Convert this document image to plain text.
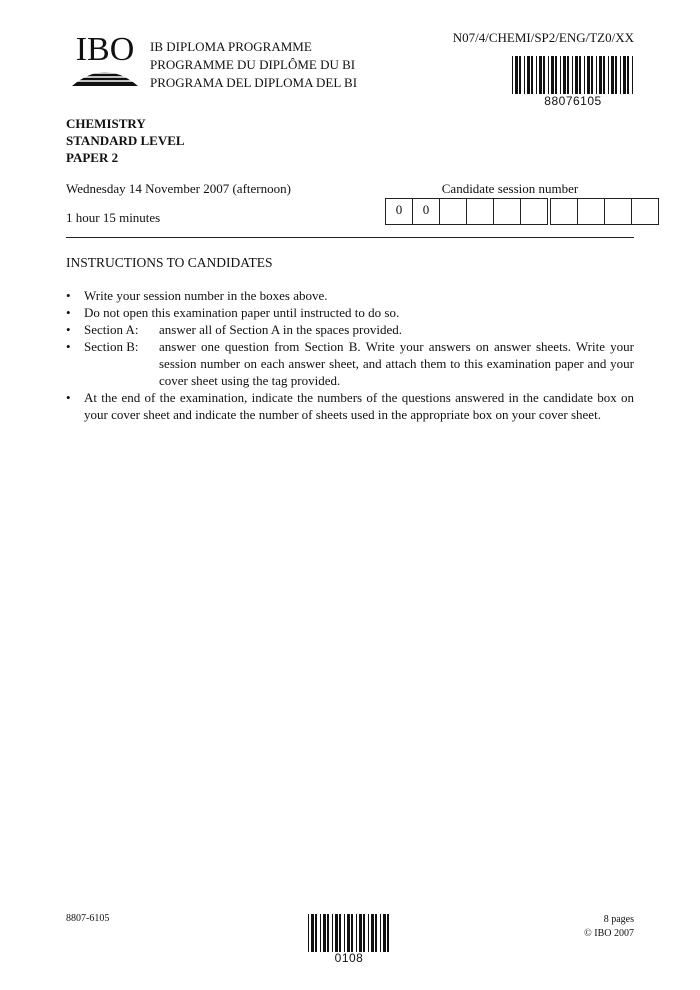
IBO IB DIPLOMA PROGRAMME
PROGRAMME DU DIPLÔME DU BI
PROGRAMA DEL DIPLOMA DEL BI
N07/4/CHEMI/SP2/ENG/TZ0/XX
88076105
CHEMISTRY
STANDARD LEVEL
PAPER 2
Wednesday 14 November 2007 (afternoon)
1 hour 15 minutes
Candidate session number
0	0
INSTRUCTIONS TO CANDIDATES
•	Write your session number in the boxes above.
•	Do not open this examination paper until instructed to do so.
•	Section A:	answer all of Section A in the spaces provided.
•	Section B:	answer one question from Section B. Write your answers on answer sheets. Write your session number on each answer sheet, and attach them to this examination paper and your cover sheet using the tag provided.
•	At the end of the examination, indicate the numbers of the questions answered in the candidate box on your cover sheet and indicate the number of sheets used in the appropriate box on your cover sheet.
8807-6105
0108
8 pages
© IBO 2007
